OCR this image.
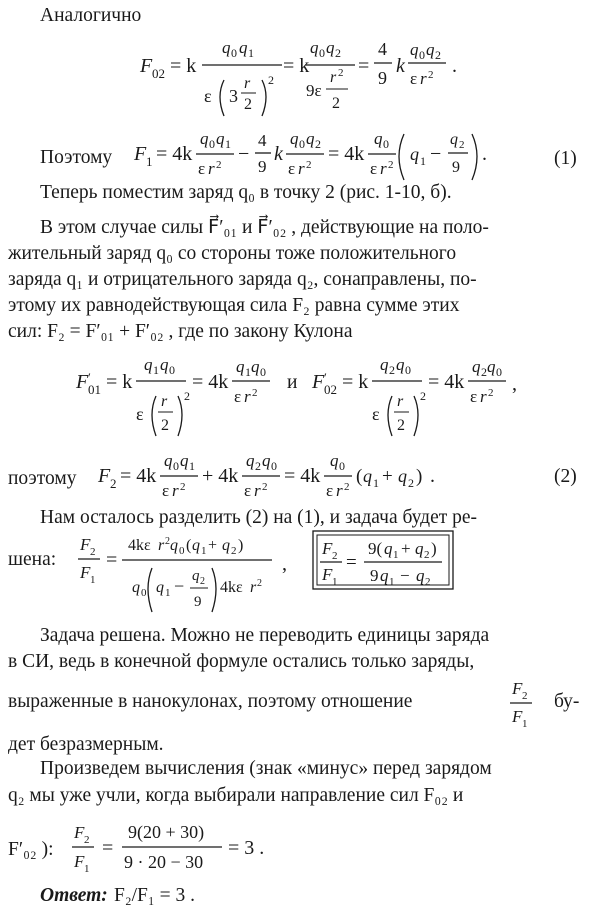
Аналогично
F 02 = k
q 0 q 1
ε 3
r
2
2
= k
q 0 q 2
9ε
r 2
2
=
4
9
k
q 0 q 2
ε r 2 .
Поэтому F 1 = 4k
q 0 q 1
ε r 2 −
4
9
k
q 0 q 2
ε r 2 = 4k
q 0
ε r 2
q 1 −
q 2
9
.	(1)
Теперь поместим заряд q₀ в точку 2 (рис. 1-10, б).
В этом случае силы F⃗′₀₁ и F⃗′₀₂ , действующие на поло-
жительный заряд q₀ со стороны тоже положительного
заряда q₁ и отрицательного заряда q₂, сонаправлены, по-
этому их равнодействующая сила F₂ равна сумме этих
сил: F₂ = F′₀₁ + F′₀₂ , где по закону Кулона
F ′
01 = k
q 1 q 0
ε
r
2
2
= 4k
q 1 q 0
ε r 2 и F ′
02 = k
q 2 q 0
ε
r
2
2
= 4k
q 2 q 0
ε r 2 ,
поэтому F 2 = 4k
q 0 q 1
ε r 2 + 4k
q 2 q 0
ε r 2 = 4k
q 0
ε r 2 ( q 1 + q 2 ) .	(2)
Нам осталось разделить (2) на (1), и задача будет ре-
шена:
F 2
F 1
=
4kε r 2 q 0 ( q 1 + q 2 )
q 0 q 1 − q 2
9
4kε r 2
,
F 2
F 1
=
9( q 1 + q 2 )
9 q 1 − q 2
Задача решена. Можно не переводить единицы заряда
в СИ, ведь в конечной формуле остались только заряды,
выраженные в нанокулонах, поэтому отношение
F 2
F 1
бу-
дет безразмерным.
Произведем вычисления (знак «минус» перед зарядом
q₂ мы уже учли, когда выбирали направление сил F₀₂ и
F′₀₂ ):
F 2
F 1
=
9(20 + 30)
9 · 20 − 30
= 3 .
Ответ: F₂/F₁ = 3 .
